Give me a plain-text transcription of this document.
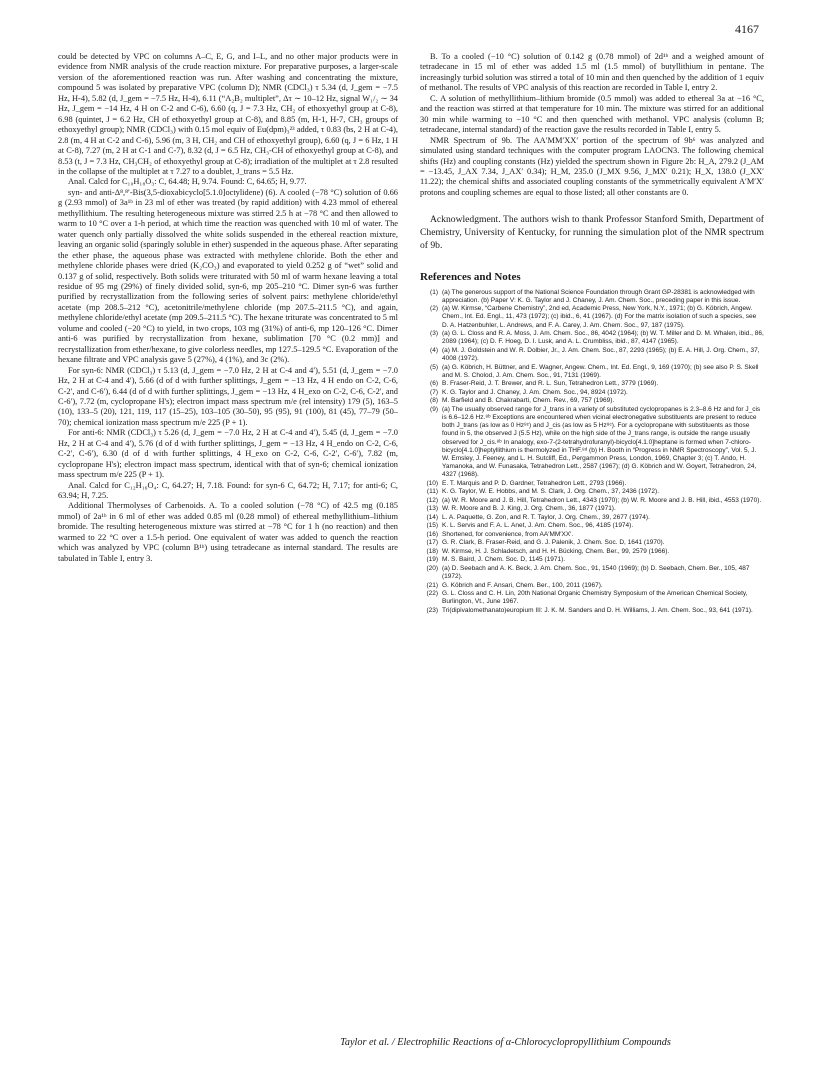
4167

could be detected by VPC on columns A–C, E, G, and I–L, and no other major products were in evidence from NMR analysis of the crude reaction mixture. For preparative purposes, a larger-scale version of the aforementioned reaction was run. After washing and concentrating the mixture, compound 5 was isolated by preparative VPC (column D); NMR (CDCl₃) τ 5.34 (d, J_gem = −7.5 Hz, H-4), 5.82 (d, J_gem = −7.5 Hz, H-4), 6.11 (“A₂B₂ multiplet”, Δτ ∼ 10–12 Hz, signal W₁/₂ ∼ 34 Hz, J_gem = −14 Hz, 4 H on C-2 and C-6), 6.60 (q, J = 7.3 Hz, CH₂ of ethoxyethyl group at C-8), 6.98 (quintet, J = 6.2 Hz, CH of ethoxyethyl group at C-8), and 8.85 (m, H-1, H-7, CH₃ groups of ethoxyethyl group); NMR (CDCl₃) with 0.15 mol equiv of Eu(dpm)₃²³ added, τ 0.83 (bs, 2 H at C-4), 2.8 (m, 4 H at C-2 and C-6), 5.96 (m, 3 H, CH₂ and CH of ethoxyethyl group), 6.60 (q, J = 6 Hz, 1 H at C-8), 7.27 (m, 2 H at C-1 and C-7), 8.32 (d, J = 6.5 Hz, CH₃-CH of ethoxyethyl group at C-8), and 8.53 (t, J = 7.3 Hz, CH₃CH₂ of ethoxyethyl group at C-8); irradiation of the multiplet at τ 2.8 resulted in the collapse of the multiplet at τ 7.27 to a doublet, J_trans = 5.5 Hz.

Anal. Calcd for C₁₀H₁₈O₃: C, 64.48; H, 9.74. Found: C, 64.65; H, 9.77.

syn- and anti-Δ⁸,⁸′-Bis(3,5-dioxabicyclo[5.1.0]octylidene) (6). A cooled (−78 °C) solution of 0.66 g (2.93 mmol) of 3a¹ᵇ in 23 ml of ether was treated (by rapid addition) with 4.23 mmol of ethereal methyllithium. The resulting heterogeneous mixture was stirred 2.5 h at −78 °C and then allowed to warm to 10 °C over a 1-h period, at which time the reaction was quenched with 10 ml of water. The water quench only partially dissolved the white solids suspended in the ethereal reaction mixture, leaving an organic solid (sparingly soluble in ether) suspended in the aqueous phase. After separating the ether phase, the aqueous phase was extracted with methylene chloride. Both the ether and methylene chloride phases were dried (K₂CO₃) and evaporated to yield 0.252 g of “wet” solid and 0.137 g of solid, respectively. Both solids were triturated with 50 ml of warm hexane leaving a total residue of 95 mg (29%) of finely divided solid, syn-6, mp 205–210 °C. Dimer syn-6 was further purified by recrystallization from the following series of solvent pairs: methylene chloride/ethyl acetate (mp 208.5–212 °C), acetonitrile/methylene chloride (mp 207.5–211.5 °C), and again, methylene chloride/ethyl acetate (mp 209.5–211.5 °C). The hexane triturate was concentrated to 5 ml volume and cooled (−20 °C) to yield, in two crops, 103 mg (31%) of anti-6, mp 120–126 °C. Dimer anti-6 was purified by recrystallization from hexane, sublimation [70 °C (0.2 mm)] and recrystallization from ether/hexane, to give colorless needles, mp 127.5–129.5 °C. Evaporation of the hexane filtrate and VPC analysis gave 5 (27%), 4 (1%), and 3c (2%).

For syn-6: NMR (CDCl₃) τ 5.13 (d, J_gem = −7.0 Hz, 2 H at C-4 and 4′), 5.51 (d, J_gem = −7.0 Hz, 2 H at C-4 and 4′), 5.66 (d of d with further splittings, J_gem = −13 Hz, 4 H endo on C-2, C-6, C-2′, and C-6′), 6.44 (d of d with further splittings, J_gem = −13 Hz, 4 H_exo on C-2, C-6, C-2′, and C-6′), 7.72 (m, cyclopropane H's); electron impact mass spectrum m/e (rel intensity) 179 (5), 163–5 (10), 133–5 (20), 121, 119, 117 (15–25), 103–105 (30–50), 95 (95), 91 (100), 81 (45), 77–79 (50–70); chemical ionization mass spectrum m/e 225 (P + 1).

For anti-6: NMR (CDCl₃) τ 5.26 (d, J_gem = −7.0 Hz, 2 H at C-4 and 4′), 5.45 (d, J_gem = −7.0 Hz, 2 H at C-4 and 4′), 5.76 (d of d with further splittings, J_gem = −13 Hz, 4 H_endo on C-2, C-6, C-2′, C-6′), 6.30 (d of d with further splittings, 4 H_exo on C-2, C-6, C-2′, C-6′), 7.82 (m, cyclopropane H's); electron impact mass spectrum, identical with that of syn-6; chemical ionization mass spectrum m/e 225 (P + 1).

Anal. Calcd for C₁₂H₁₆O₄: C, 64.27; H, 7.18. Found: for syn-6 C, 64.72; H, 7.17; for anti-6; C, 63.94; H, 7.25.

Additional Thermolyses of Carbenoids. A. To a cooled solution (−78 °C) of 42.5 mg (0.185 mmol) of 2a¹ᵇ in 6 ml of ether was added 0.85 ml (0.28 mmol) of ethereal methyllithium–lithium bromide. The resulting heterogeneous mixture was stirred at −78 °C for 1 h (no reaction) and then warmed to 22 °C over a 1.5-h period. One equivalent of water was added to quench the reaction which was analyzed by VPC (column B¹ᵇ) using tetradecane as internal standard. The results are tabulated in Table I, entry 3.

B. To a cooled (−10 °C) solution of 0.142 g (0.78 mmol) of 2d¹ᵇ and a weighed amount of tetradecane in 15 ml of ether was added 1.5 ml (1.5 mmol) of butyllithium in pentane. The increasingly turbid solution was stirred a total of 10 min and then quenched by the addition of 1 equiv of methanol. The results of VPC analysis of this reaction are recorded in Table I, entry 2.

C. A solution of methyllithium–lithium bromide (0.5 mmol) was added to ethereal 3a at −16 °C, and the reaction was stirred at that temperature for 10 min. The mixture was stirred for an additional 30 min while warming to −10 °C and then quenched with methanol. VPC analysis (column B; tetradecane, internal standard) of the reaction gave the results recorded in Table I, entry 5.

NMR Spectrum of 9b. The AA′MM′XX′ portion of the spectrum of 9b⁶ was analyzed and simulated using standard techniques with the computer program LAOCN3. The following chemical shifts (Hz) and coupling constants (Hz) yielded the spectrum shown in Figure 2b: H_A, 279.2 (J_AM = −13.45, J_AX 7.34, J_AX′ 0.34); H_M, 235.0 (J_MX 9.56, J_MX′ 0.21); H_X, 138.0 (J_XX′ 11.22); the chemical shifts and associated coupling constants of the symmetrically equivalent A′M′X′ protons and coupling schemes are equal to those listed; all other constants are 0.

Acknowledgment. The authors wish to thank Professor Stanford Smith, Department of Chemistry, University of Kentucky, for running the simulation plot of the NMR spectrum of 9b.

References and Notes
(1) (a) The generous support of the National Science Foundation through Grant GP-28381 is acknowledged with appreciation. (b) Paper V: K. G. Taylor and J. Chaney, J. Am. Chem. Soc., preceding paper in this issue.
(2) (a) W. Kirmse, “Carbene Chemistry”, 2nd ed, Academic Press, New York, N.Y., 1971; (b) G. Köbrich, Angew. Chem., Int. Ed. Engl., 11, 473 (1972); (c) ibid., 6, 41 (1967). (d) For the matrix isolation of such a species, see D. A. Hatzenbuhler, L. Andrews, and F. A. Carey, J. Am. Chem. Soc., 97, 187 (1975).
(3) (a) G. L. Closs and R. A. Moss, J. Am. Chem. Soc., 86, 4042 (1964); (b) W. T. Miller and D. M. Whalen, ibid., 86, 2089 (1964); (c) D. F. Hoeg, D. I. Lusk, and A. L. Crumbliss, ibid., 87, 4147 (1965).
(4) (a) M. J. Goldstein and W. R. Dolbier, Jr., J. Am. Chem. Soc., 87, 2293 (1965); (b) E. A. Hill, J. Org. Chem., 37, 4008 (1972).
(5) (a) G. Köbrich, H. Büttner, and E. Wagner, Angew. Chem., Int. Ed. Engl., 9, 169 (1970); (b) see also P. S. Skell and M. S. Cholod, J. Am. Chem. Soc., 91, 7131 (1969).
(6) B. Fraser-Reid, J. T. Brewer, and R. L. Sun, Tetrahedron Lett., 3779 (1969).
(7) K. G. Taylor and J. Chaney, J. Am. Chem. Soc., 94, 8924 (1972).
(8) M. Barfield and B. Chakrabarti, Chem. Rev., 69, 757 (1969).
(9) (a) The usually observed range for J_trans in a variety of substituted cyclopropanes is 2.3–8.6 Hz and for J_cis is 6.6–12.6 Hz.⁸ᵇ Exceptions are encountered when vicinal electronegative substituents are present to reduce both J_trans (as low as 0 Hz⁸ᶜ) and J_cis (as low as 5 Hz⁸ᶜ). For a cyclopropane with substituents as those found in 5, the observed J (5.5 Hz), while on the high side of the J_trans range, is outside the range usually observed for J_cis.⁸ᵇ In analogy, exo-7-(2-tetrahydrofuranyl)-bicyclo[4.1.0]heptane is formed when 7-chloro-bicyclo[4.1.0]heptyllithium is thermolyzed in THF.⁸ᵈ (b) H. Booth in “Progress in NMR Spectroscopy”, Vol. 5, J. W. Emsley, J. Feeney, and L. H. Sutcliff, Ed., Pergammon Press, London, 1969, Chapter 3; (c) T. Ando, H. Yamanoka, and W. Funasaka, Tetrahedron Lett., 2587 (1967); (d) G. Köbrich and W. Goyert, Tetrahedron, 24, 4327 (1968).
(10) E. T. Marquis and P. D. Gardner, Tetrahedron Lett., 2793 (1966).
(11) K. G. Taylor, W. E. Hobbs, and M. S. Clark, J. Org. Chem., 37, 2436 (1972).
(12) (a) W. R. Moore and J. B. Hill, Tetrahedron Lett., 4343 (1970); (b) W. R. Moore and J. B. Hill, ibid., 4553 (1970).
(13) W. R. Moore and B. J. King, J. Org. Chem., 36, 1877 (1971).
(14) L. A. Paquette, G. Zon, and R. T. Taylor, J. Org. Chem., 39, 2677 (1974).
(15) K. L. Servis and F. A. L. Anet, J. Am. Chem. Soc., 96, 4185 (1974).
(16) Shortened, for convenience, from AA′MM′XX′.
(17) G. R. Clark, B. Fraser-Reid, and G. J. Palenik, J. Chem. Soc. D, 1641 (1970).
(18) W. Kirmse, H. J. Schladetsch, and H. H. Bücking, Chem. Ber., 99, 2579 (1966).
(19) M. S. Baird, J. Chem. Soc. D, 1145 (1971).
(20) (a) D. Seebach and A. K. Beck, J. Am. Chem. Soc., 91, 1540 (1969); (b) D. Seebach, Chem. Ber., 105, 487 (1972).
(21) G. Köbrich and F. Ansari, Chem. Ber., 100, 2011 (1967).
(22) G. L. Closs and C. H. Lin, 20th National Organic Chemistry Symposium of the American Chemical Society, Burlington, Vt., June 1967.
(23) Tri(dipivalomethanato)europium III: J. K. M. Sanders and D. H. Williams, J. Am. Chem. Soc., 93, 641 (1971).
Taylor et al. / Electrophilic Reactions of α-Chlorocyclopropyllithium Compounds
